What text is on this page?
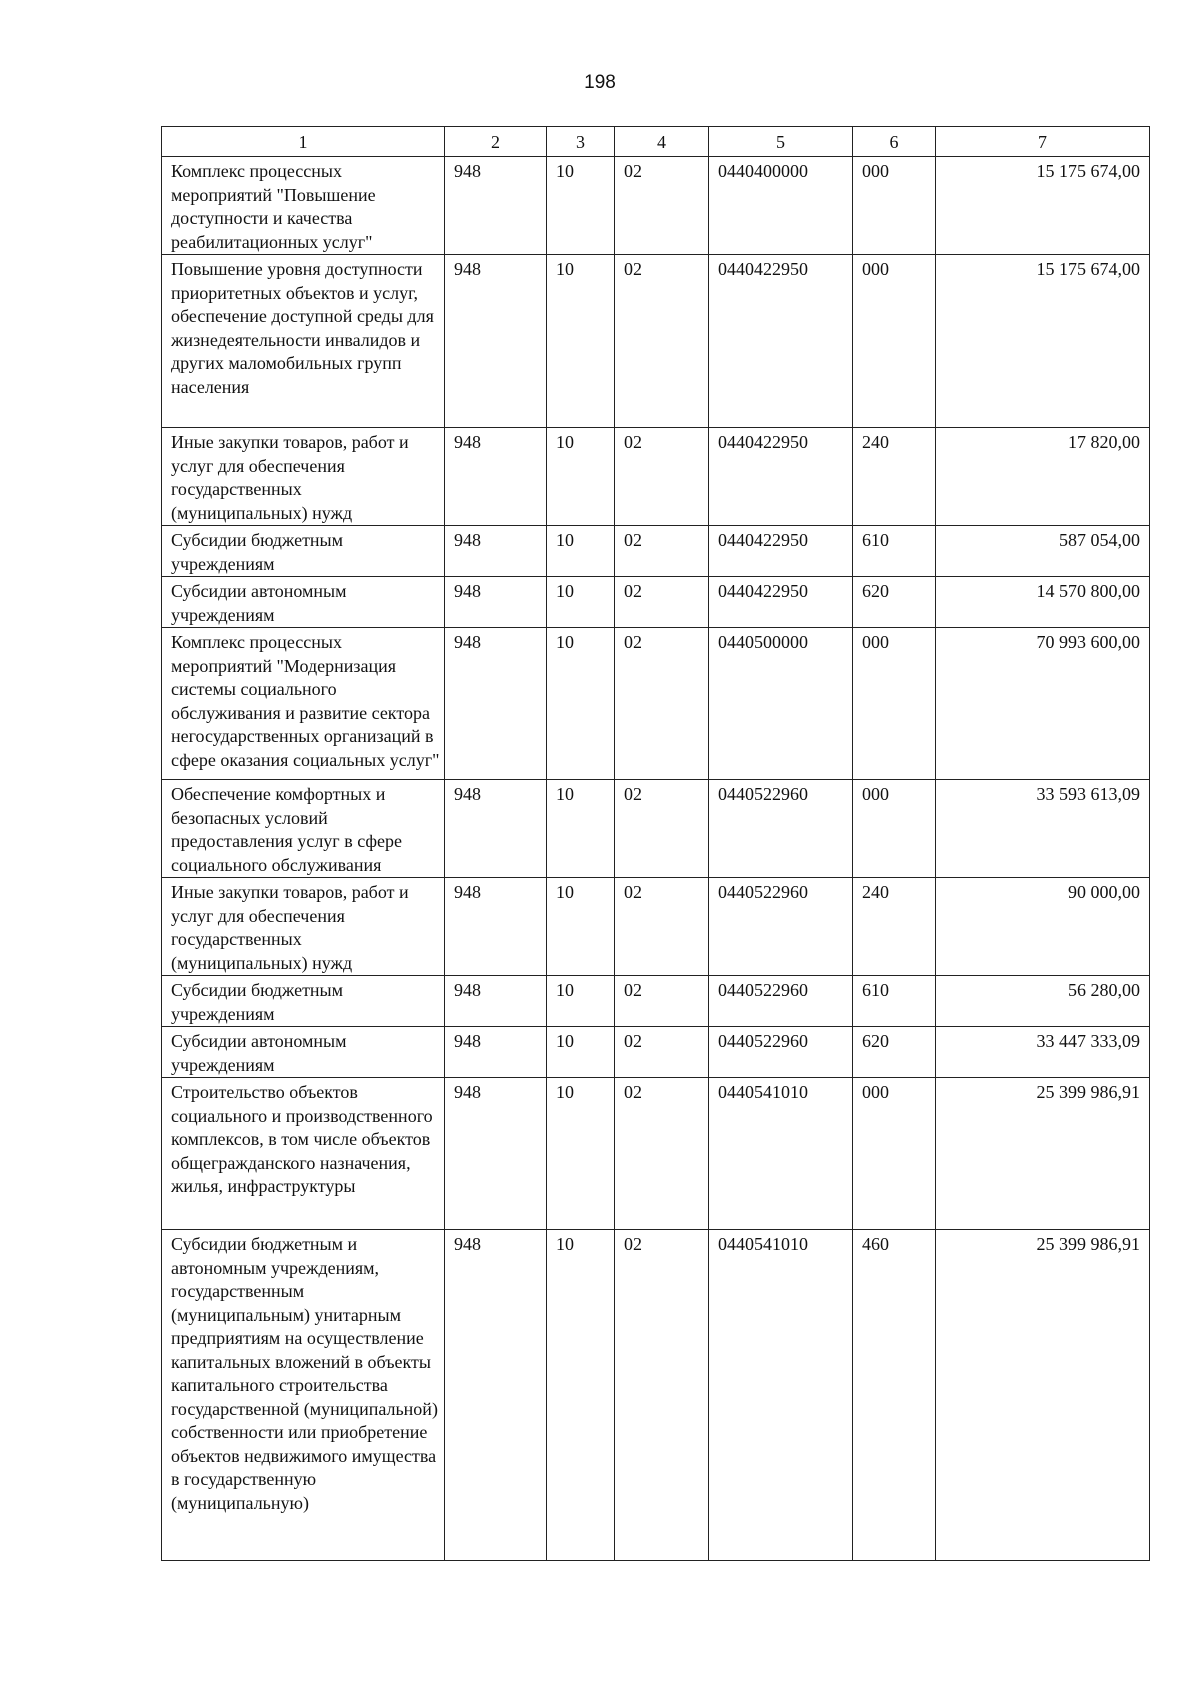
198
1	2	3	4	5	6	7
Комплекс процессных мероприятий "Повышение доступности и качества реабилитационных услуг"	948	10	02	0440400000	000	15 175 674,00
Повышение уровня доступности приоритетных объектов и услуг, обеспечение доступной среды для жизнедеятельности инвалидов и других маломобильных групп населения	948	10	02	0440422950	000	15 175 674,00
Иные закупки товаров, работ и услуг для обеспечения государственных (муниципальных) нужд	948	10	02	0440422950	240	17 820,00
Субсидии бюджетным учреждениям	948	10	02	0440422950	610	587 054,00
Субсидии автономным учреждениям	948	10	02	0440422950	620	14 570 800,00
Комплекс процессных мероприятий "Модернизация системы социального обслуживания и развитие сектора негосударственных организаций в сфере оказания социальных услуг"	948	10	02	0440500000	000	70 993 600,00
Обеспечение комфортных и безопасных условий предоставления услуг в сфере социального обслуживания	948	10	02	0440522960	000	33 593 613,09
Иные закупки товаров, работ и услуг для обеспечения государственных (муниципальных) нужд	948	10	02	0440522960	240	90 000,00
Субсидии бюджетным учреждениям	948	10	02	0440522960	610	56 280,00
Субсидии автономным учреждениям	948	10	02	0440522960	620	33 447 333,09
Строительство объектов социального и производственного комплексов, в том числе объектов общегражданского назначения, жилья, инфраструктуры	948	10	02	0440541010	000	25 399 986,91
Субсидии бюджетным и автономным учреждениям, государственным (муниципальным) унитарным предприятиям на осуществление капитальных вложений в объекты капитального строительства государственной (муниципальной) собственности или приобретение объектов недвижимого имущества в государственную (муниципальную)	948	10	02	0440541010	460	25 399 986,91
